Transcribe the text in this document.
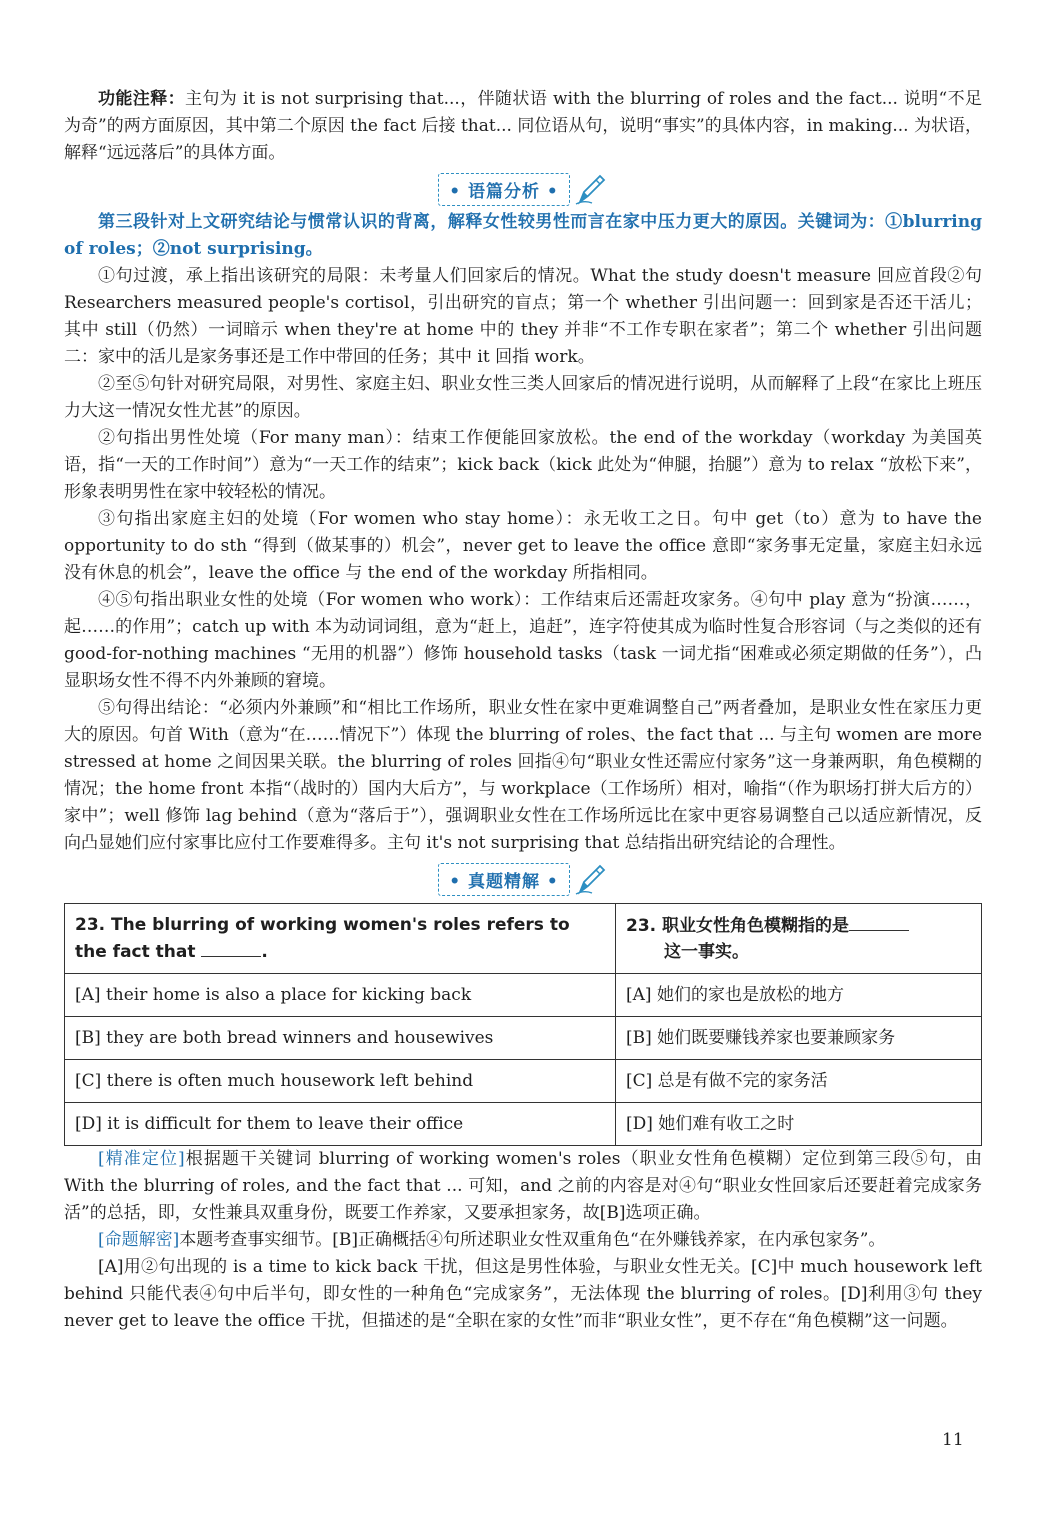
功能注释：主句为 it is not surprising that...，伴随状语 with the blurring of roles and the fact... 说明“不足为奇”的两方面原因，其中第二个原因 the fact 后接 that... 同位语从句，说明“事实”的具体内容，in making... 为状语，解释“远远落后”的具体方面。

• 语篇分析 •

第三段针对上文研究结论与惯常认识的背离，解释女性较男性而言在家中压力更大的原因。关键词为：①blurring of roles；②not surprising。

①句过渡，承上指出该研究的局限：未考量人们回家后的情况。What the study doesn't measure 回应首段②句 Researchers measured people's cortisol，引出研究的盲点；第一个 whether 引出问题一：回到家是否还干活儿；其中 still（仍然）一词暗示 when they're at home 中的 they 并非“不工作专职在家者”；第二个 whether 引出问题二：家中的活儿是家务事还是工作中带回的任务；其中 it 回指 work。

②至⑤句针对研究局限，对男性、家庭主妇、职业女性三类人回家后的情况进行说明，从而解释了上段“在家比上班压力大这一情况女性尤甚”的原因。

②句指出男性处境（For many man）：结束工作便能回家放松。the end of the workday（workday 为美国英语，指“一天的工作时间”）意为“一天工作的结束”；kick back（kick 此处为“伸腿，抬腿”）意为 to relax “放松下来”，形象表明男性在家中较轻松的情况。

③句指出家庭主妇的处境（For women who stay home）：永无收工之日。句中 get（to）意为 to have the opportunity to do sth “得到（做某事的）机会”，never get to leave the office 意即“家务事无定量，家庭主妇永远没有休息的机会”，leave the office 与 the end of the workday 所指相同。

④⑤句指出职业女性的处境（For women who work）：工作结束后还需赶攻家务。④句中 play 意为“扮演……，起……的作用”；catch up with 本为动词词组，意为“赶上，追赶”，连字符使其成为临时性复合形容词（与之类似的还有 good-for-nothing machines “无用的机器”）修饰 household tasks（task 一词尤指“困难或必须定期做的任务”），凸显职场女性不得不内外兼顾的窘境。

⑤句得出结论：“必须内外兼顾”和“相比工作场所，职业女性在家中更难调整自己”两者叠加，是职业女性在家压力更大的原因。句首 With（意为“在……情况下”）体现 the blurring of roles、the fact that ... 与主句 women are more stressed at home 之间因果关联。the blurring of roles 回指④句“职业女性还需应付家务”这一身兼两职，角色模糊的情况；the home front 本指“（战时的）国内大后方”，与 workplace（工作场所）相对，喻指“（作为职场打拼大后方的）家中”；well 修饰 lag behind（意为“落后于”），强调职业女性在工作场所远比在家中更容易调整自己以适应新情况，反向凸显她们应付家事比应付工作要难得多。主句 it's not surprising that 总结指出研究结论的合理性。

• 真题精解 •
23. The blurring of working women's roles refers to the fact that .	23. 职业女性角色模糊指的是
这一事实。
[A] their home is also a place for kicking back	[A] 她们的家也是放松的地方
[B] they are both bread winners and housewives	[B] 她们既要赚钱养家也要兼顾家务
[C] there is often much housework left behind	[C] 总是有做不完的家务活
[D] it is difficult for them to leave their office	[D] 她们难有收工之时

[精准定位]根据题干关键词 blurring of working women's roles（职业女性角色模糊）定位到第三段⑤句，由 With the blurring of roles, and the fact that ... 可知，and 之前的内容是对④句“职业女性回家后还要赶着完成家务活”的总括，即，女性兼具双重身份，既要工作养家，又要承担家务，故[B]选项正确。

[命题解密]本题考查事实细节。[B]正确概括④句所述职业女性双重角色“在外赚钱养家，在内承包家务”。

[A]用②句出现的 is a time to kick back 干扰，但这是男性体验，与职业女性无关。[C]中 much housework left behind 只能代表④句中后半句，即女性的一种角色“完成家务”，无法体现 the blurring of roles。[D]利用③句 they never get to leave the office 干扰，但描述的是“全职在家的女性”而非“职业女性”，更不存在“角色模糊”这一问题。

11
